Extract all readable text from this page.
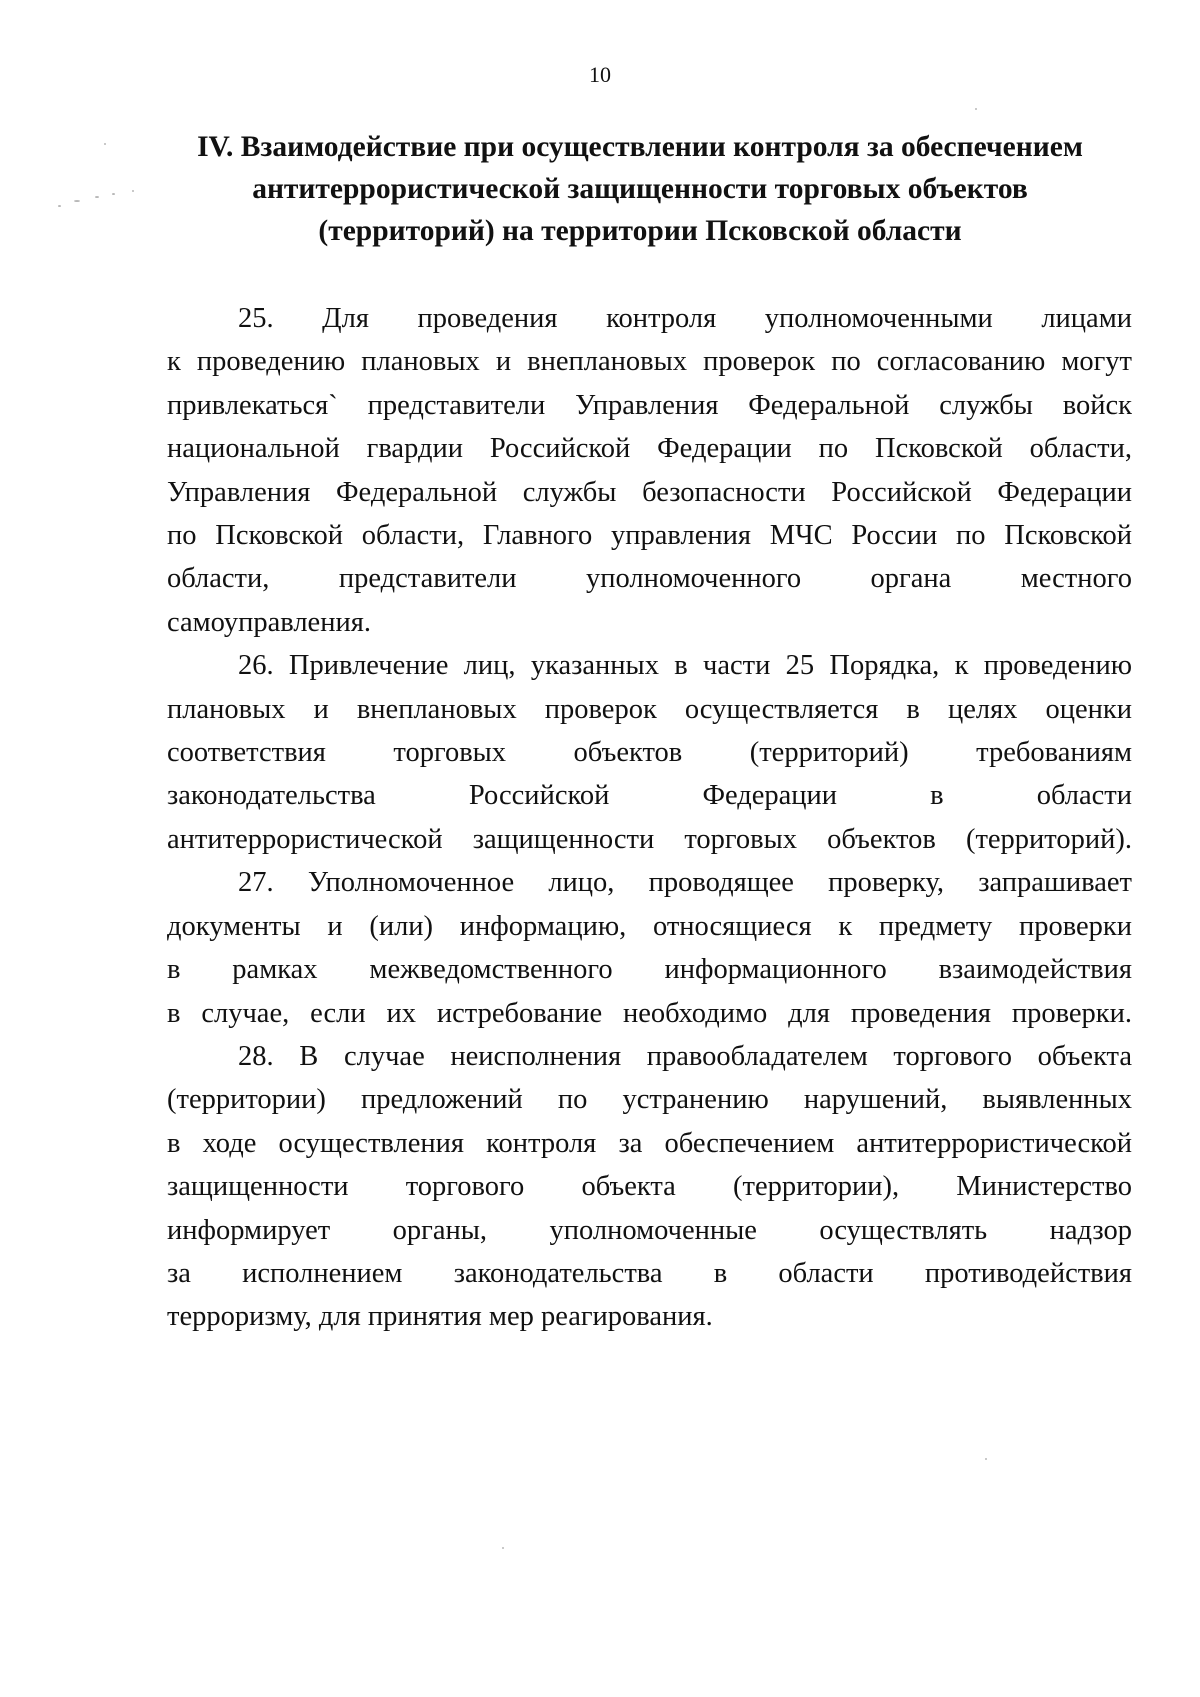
10
IV. Взаимодействие при осуществлении контроля за обеспечением
антитеррористической защищенности торговых объектов
(территорий) на территории Псковской области

25. Для проведения контроля уполномоченными лицами
к проведению плановых и внеплановых проверок по согласованию могут
привлекаться` представители Управления Федеральной службы войск
национальной гвардии Российской Федерации по Псковской области,
Управления Федеральной службы безопасности Российской Федерации
по Псковской области, Главного управления МЧС России по Псковской
области, представители уполномоченного органа местного
самоуправления.

26. Привлечение лиц, указанных в части 25 Порядка, к проведению
плановых и внеплановых проверок осуществляется в целях оценки
соответствия торговых объектов (территорий) требованиям
законодательства Российской Федерации в области
антитеррористической защищенности торговых объектов (территорий).

27. Уполномоченное лицо, проводящее проверку, запрашивает
документы и (или) информацию, относящиеся к предмету проверки
в рамках межведомственного информационного взаимодействия
в случае, если их истребование необходимо для проведения проверки.

28. В случае неисполнения правообладателем торгового объекта
(территории) предложений по устранению нарушений, выявленных
в ходе осуществления контроля за обеспечением антитеррористической
защищенности торгового объекта (территории), Министерство
информирует органы, уполномоченные осуществлять надзор
за исполнением законодательства в области противодействия
терроризму, для принятия мер реагирования.
